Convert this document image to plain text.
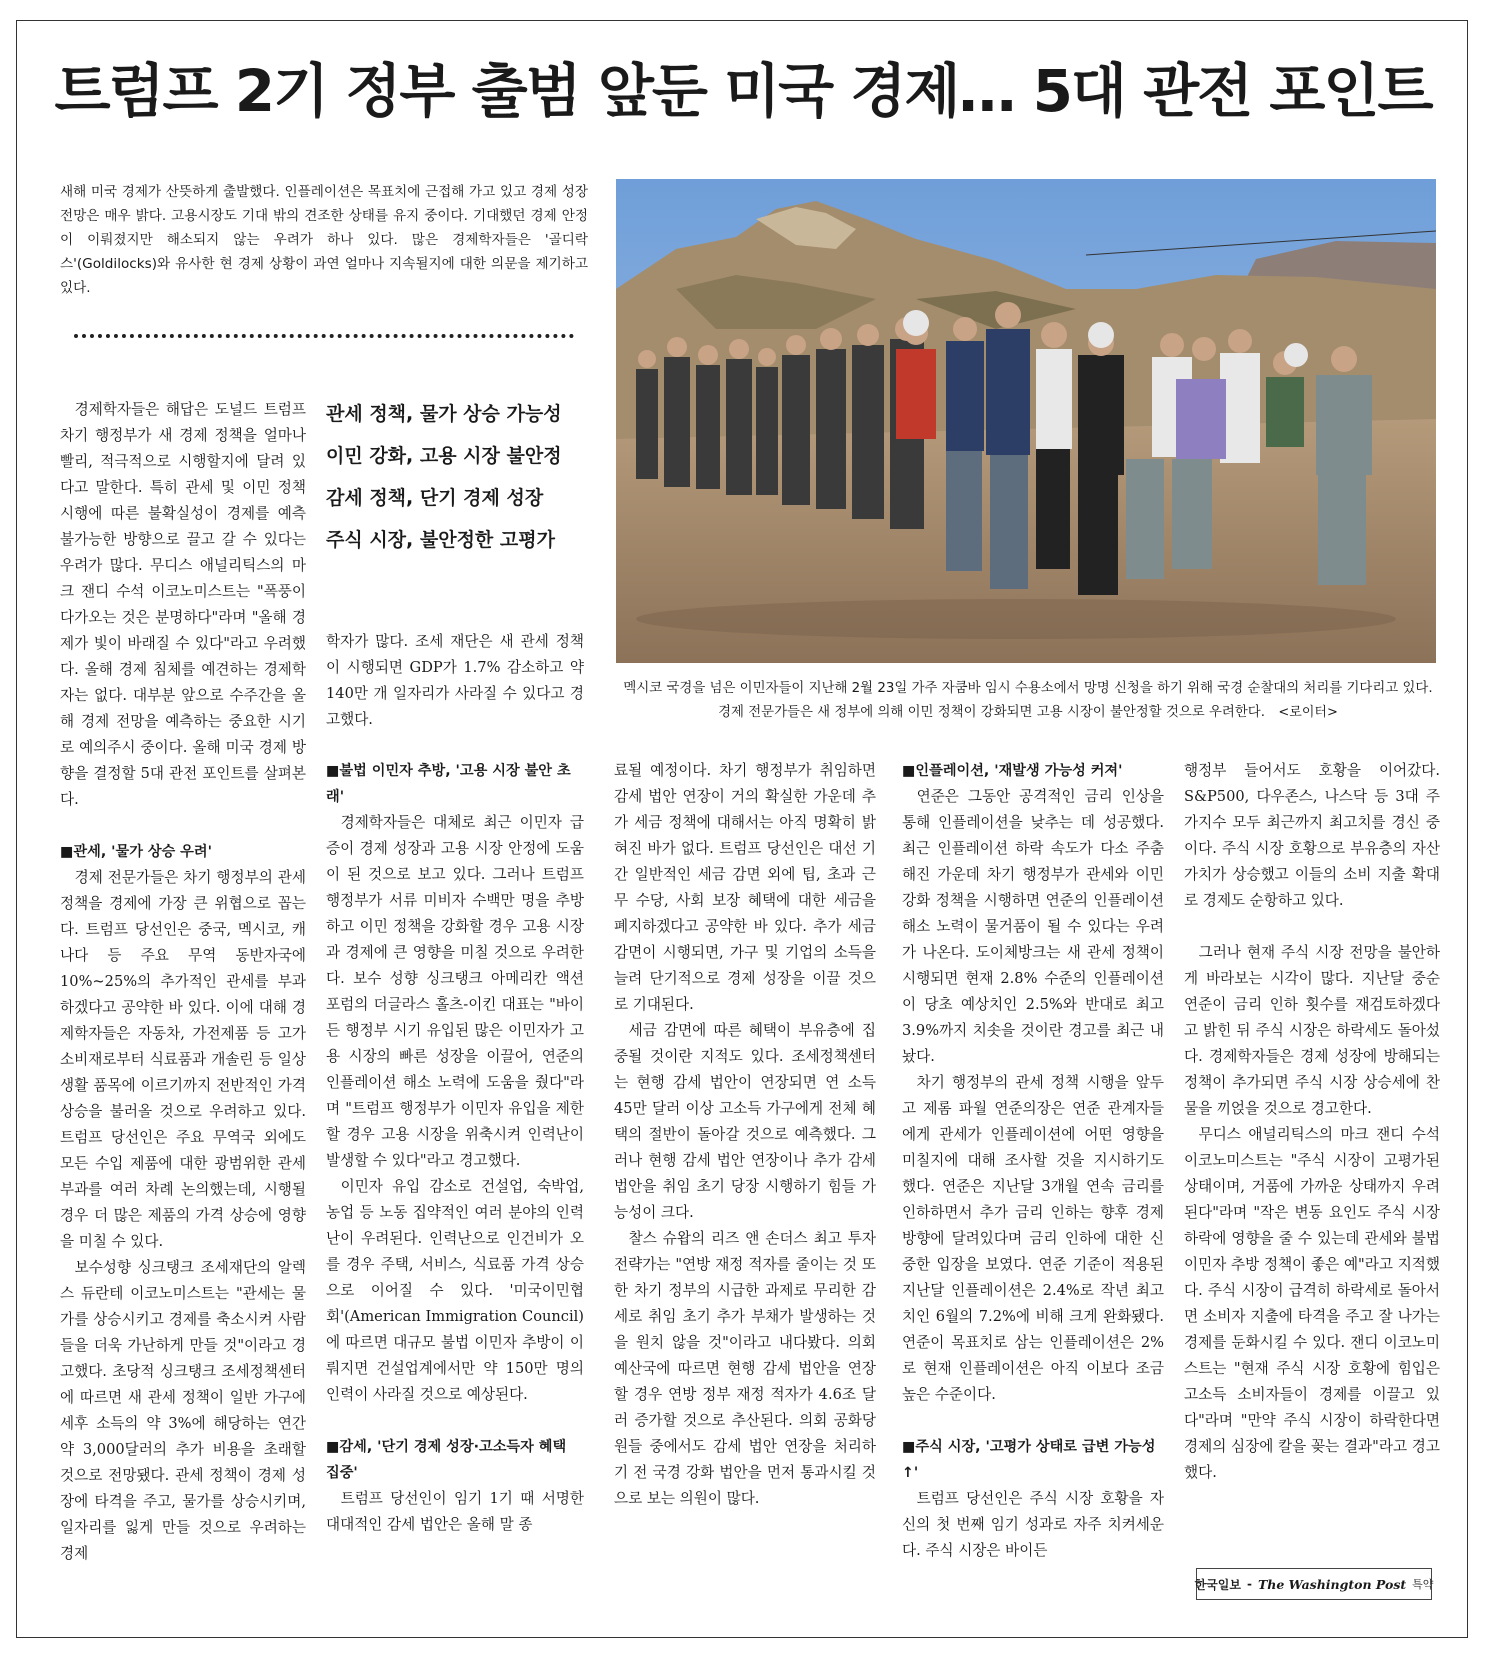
트럼프 2기 정부 출범 앞둔 미국 경제… 5대 관전 포인트

새해 미국 경제가 산뜻하게 출발했다. 인플레이션은 목표치에 근접해 가고 있고 경제 성장 전망은 매우 밝다. 고용시장도 기대 밖의 견조한 상태를 유지 중이다. 기대했던 경제 안정이 이뤄졌지만 해소되지 않는 우려가 하나 있다. 많은 경제학자들은 '골디락스'(Goldilocks)와 유사한 현 경제 상황이 과연 얼마나 지속될지에 대한 의문을 제기하고 있다.

멕시코 국경을 넘은 이민자들이 지난해 2월 23일 가주 자쿰바 임시 수용소에서 망명 신청을 하기 위해 국경 순찰대의 처리를 기다리고 있다. 경제 전문가들은 새 정부에 의해 이민 정책이 강화되면 고용 시장이 불안정할 것으로 우려한다.  <로이터>

관세 정책, 물가 상승 가능성
이민 강화, 고용 시장 불안정
감세 정책, 단기 경제 성장
주식 시장, 불안정한 고평가

경제학자들은 해답은 도널드 트럼프 차기 행정부가 새 경제 정책을 얼마나 빨리, 적극적으로 시행할지에 달려 있다고 말한다. 특히 관세 및 이민 정책 시행에 따른 불확실성이 경제를 예측 불가능한 방향으로 끌고 갈 수 있다는 우려가 많다. 무디스 애널리틱스의 마크 잰디 수석 이코노미스트는 "폭풍이 다가오는 것은 분명하다"라며 "올해 경제가 빛이 바래질 수 있다"라고 우려했다. 올해 경제 침체를 예견하는 경제학자는 없다. 대부분 앞으로 수주간을 올해 경제 전망을 예측하는 중요한 시기로 예의주시 중이다. 올해 미국 경제 방향을 결정할 5대 관전 포인트를 살펴본다.

■관세, '물가 상승 우려'

경제 전문가들은 차기 행정부의 관세 정책을 경제에 가장 큰 위협으로 꼽는다. 트럼프 당선인은 중국, 멕시코, 캐나다 등 주요 무역 동반자국에 10%~25%의 추가적인 관세를 부과하겠다고 공약한 바 있다. 이에 대해 경제학자들은 자동차, 가전제품 등 고가 소비재로부터 식료품과 개솔린 등 일상생활 품목에 이르기까지 전반적인 가격 상승을 불러올 것으로 우려하고 있다. 트럼프 당선인은 주요 무역국 외에도 모든 수입 제품에 대한 광범위한 관세 부과를 여러 차례 논의했는데, 시행될 경우 더 많은 제품의 가격 상승에 영향을 미칠 수 있다.

보수성향 싱크탱크 조세재단의 알렉스 듀란테 이코노미스트는 "관세는 물가를 상승시키고 경제를 축소시켜 사람들을 더욱 가난하게 만들 것"이라고 경고했다. 초당적 싱크탱크 조세정책센터에 따르면 새 관세 정책이 일반 가구에 세후 소득의 약 3%에 해당하는 연간 약 3,000달러의 추가 비용을 초래할 것으로 전망됐다. 관세 정책이 경제 성장에 타격을 주고, 물가를 상승시키며, 일자리를 잃게 만들 것으로 우려하는 경제

학자가 많다. 조세 재단은 새 관세 정책이 시행되면 GDP가 1.7% 감소하고 약 140만 개 일자리가 사라질 수 있다고 경고했다.

■불법 이민자 추방, '고용 시장 불안 초래'

경제학자들은 대체로 최근 이민자 급증이 경제 성장과 고용 시장 안정에 도움이 된 것으로 보고 있다. 그러나 트럼프 행정부가 서류 미비자 수백만 명을 추방하고 이민 정책을 강화할 경우 고용 시장과 경제에 큰 영향을 미칠 것으로 우려한다. 보수 성향 싱크탱크 아메리칸 액션 포럼의 더글라스 홀츠-이킨 대표는 "바이든 행정부 시기 유입된 많은 이민자가 고용 시장의 빠른 성장을 이끌어, 연준의 인플레이션 해소 노력에 도움을 줬다"라며 "트럼프 행정부가 이민자 유입을 제한할 경우 고용 시장을 위축시켜 인력난이 발생할 수 있다"라고 경고했다.

이민자 유입 감소로 건설업, 숙박업, 농업 등 노동 집약적인 여러 분야의 인력난이 우려된다. 인력난으로 인건비가 오를 경우 주택, 서비스, 식료품 가격 상승으로 이어질 수 있다. '미국이민협회'(American Immigration Council)에 따르면 대규모 불법 이민자 추방이 이뤄지면 건설업계에서만 약 150만 명의 인력이 사라질 것으로 예상된다.

■감세, '단기 경제 성장·고소득자 혜택 집중'

트럼프 당선인이 임기 1기 때 서명한 대대적인 감세 법안은 올해 말 종

료될 예정이다. 차기 행정부가 취임하면 감세 법안 연장이 거의 확실한 가운데 추가 세금 정책에 대해서는 아직 명확히 밝혀진 바가 없다. 트럼프 당선인은 대선 기간 일반적인 세금 감면 외에 팁, 초과 근무 수당, 사회 보장 혜택에 대한 세금을 폐지하겠다고 공약한 바 있다. 추가 세금 감면이 시행되면, 가구 및 기업의 소득을 늘려 단기적으로 경제 성장을 이끌 것으로 기대된다.

세금 감면에 따른 혜택이 부유층에 집중될 것이란 지적도 있다. 조세정책센터는 현행 감세 법안이 연장되면 연 소득 45만 달러 이상 고소득 가구에게 전체 혜택의 절반이 돌아갈 것으로 예측했다. 그러나 현행 감세 법안 연장이나 추가 감세 법안을 취임 초기 당장 시행하기 힘들 가능성이 크다.

찰스 슈왑의 리즈 앤 손더스 최고 투자 전략가는 "연방 재정 적자를 줄이는 것 또한 차기 정부의 시급한 과제로 무리한 감세로 취임 초기 추가 부채가 발생하는 것을 원치 않을 것"이라고 내다봤다. 의회 예산국에 따르면 현행 감세 법안을 연장할 경우 연방 정부 재정 적자가 4.6조 달러 증가할 것으로 추산된다. 의회 공화당원들 중에서도 감세 법안 연장을 처리하기 전 국경 강화 법안을 먼저 통과시킬 것으로 보는 의원이 많다.

■인플레이션, '재발생 가능성 커져'

연준은 그동안 공격적인 금리 인상을 통해 인플레이션을 낮추는 데 성공했다. 최근 인플레이션 하락 속도가 다소 주춤해진 가운데 차기 행정부가 관세와 이민 강화 정책을 시행하면 연준의 인플레이션 해소 노력이 물거품이 될 수 있다는 우려가 나온다. 도이체방크는 새 관세 정책이 시행되면 현재 2.8% 수준의 인플레이션이 당초 예상치인 2.5%와 반대로 최고 3.9%까지 치솟을 것이란 경고를 최근 내놨다.

차기 행정부의 관세 정책 시행을 앞두고 제롬 파월 연준의장은 연준 관계자들에게 관세가 인플레이션에 어떤 영향을 미칠지에 대해 조사할 것을 지시하기도 했다. 연준은 지난달 3개월 연속 금리를 인하하면서 추가 금리 인하는 향후 경제 방향에 달려있다며 금리 인하에 대한 신중한 입장을 보였다. 연준 기준이 적용된 지난달 인플레이션은 2.4%로 작년 최고치인 6월의 7.2%에 비해 크게 완화됐다. 연준이 목표치로 삼는 인플레이션은 2%로 현재 인플레이션은 아직 이보다 조금 높은 수준이다.

■주식 시장, '고평가 상태로 급변 가능성↑'

트럼프 당선인은 주식 시장 호황을 자신의 첫 번째 임기 성과로 자주 치켜세운다. 주식 시장은 바이든

행정부 들어서도 호황을 이어갔다. S&P500, 다우존스, 나스닥 등 3대 주가지수 모두 최근까지 최고치를 경신 중이다. 주식 시장 호황으로 부유층의 자산 가치가 상승했고 이들의 소비 지출 확대로 경제도 순항하고 있다.

그러나 현재 주식 시장 전망을 불안하게 바라보는 시각이 많다. 지난달 중순 연준이 금리 인하 횟수를 재검토하겠다고 밝힌 뒤 주식 시장은 하락세도 돌아섰다. 경제학자들은 경제 성장에 방해되는 정책이 추가되면 주식 시장 상승세에 찬물을 끼얹을 것으로 경고한다.

무디스 애널리틱스의 마크 잰디 수석 이코노미스트는 "주식 시장이 고평가된 상태이며, 거품에 가까운 상태까지 우려된다"라며 "작은 변동 요인도 주식 시장 하락에 영향을 줄 수 있는데 관세와 불법 이민자 추방 정책이 좋은 예"라고 지적했다. 주식 시장이 급격히 하락세로 돌아서면 소비자 지출에 타격을 주고 잘 나가는 경제를 둔화시킬 수 있다. 잰디 이코노미스트는 "현재 주식 시장 호황에 힘입은 고소득 소비자들이 경제를 이끌고 있다"라며 "만약 주식 시장이 하락한다면 경제의 심장에 칼을 꽂는 결과"라고 경고했다.

한국일보 - The Washington Post 특약
